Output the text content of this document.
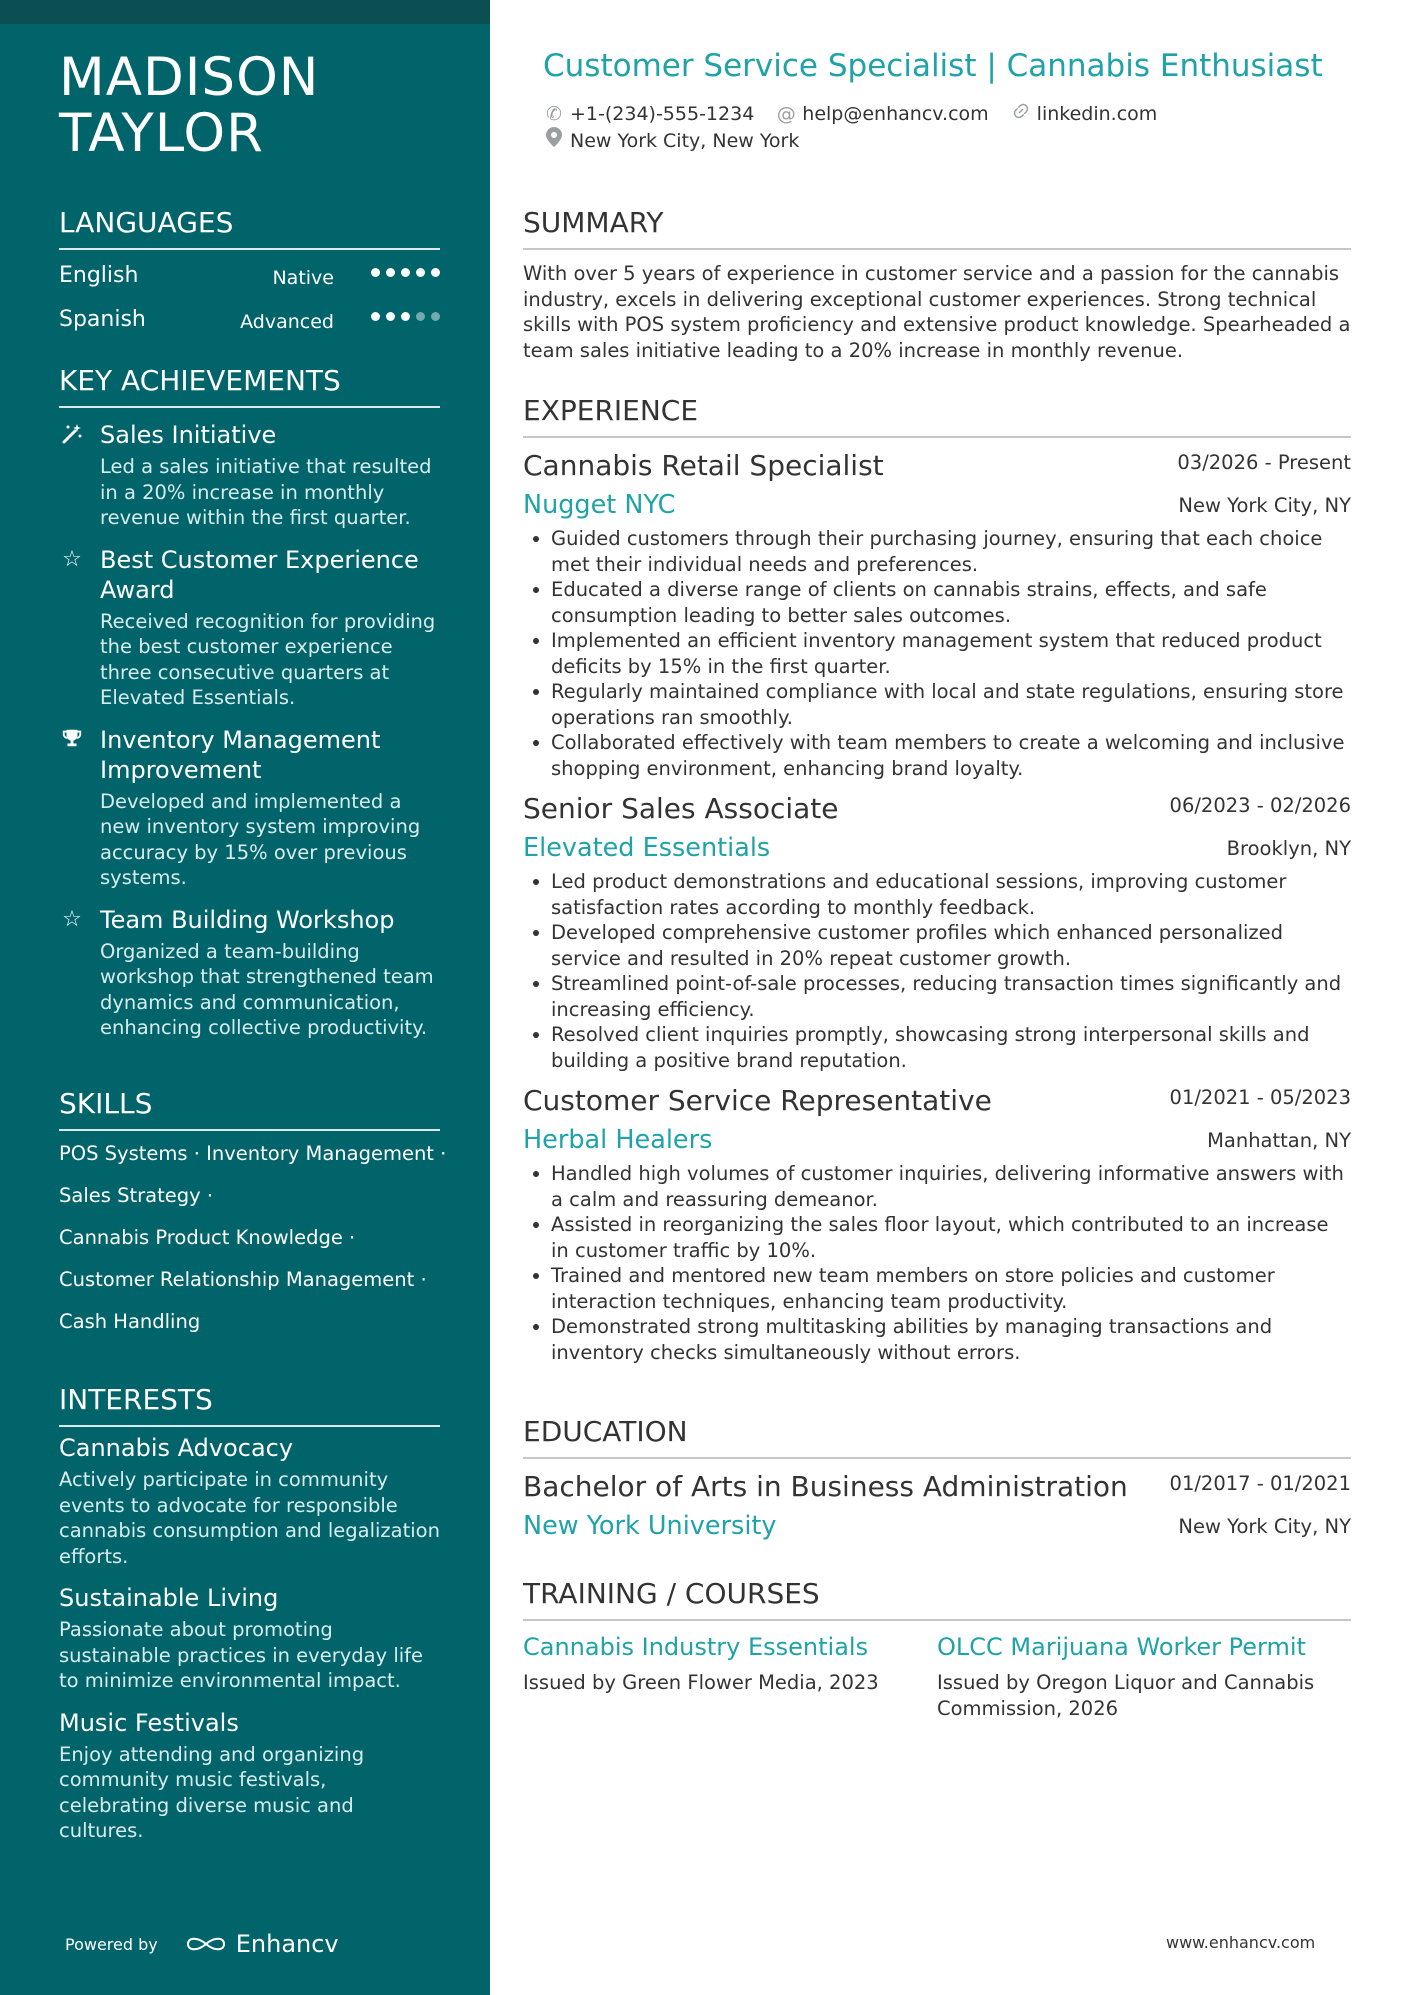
MADISON
TAYLOR
LANGUAGES
English	Native
Spanish	Advanced
KEY ACHIEVEMENTS
Sales Initiative
Led a sales initiative that resulted in a 20% increase in monthly revenue within the first quarter.
☆ Best Customer Experience Award
Received recognition for providing the best customer experience three consecutive quarters at Elevated Essentials.
Inventory Management Improvement
Developed and implemented a new inventory system improving accuracy by 15% over previous systems.
☆ Team Building Workshop
Organized a team-building workshop that strengthened team dynamics and communication, enhancing collective productivity.
SKILLS
POS Systems · Inventory Management ·
Sales Strategy ·
Cannabis Product Knowledge ·
Customer Relationship Management ·
Cash Handling
INTERESTS
Cannabis Advocacy
Actively participate in community events to advocate for responsible cannabis consumption and legalization efforts.
Sustainable Living
Passionate about promoting sustainable practices in everyday life to minimize environmental impact.
Music Festivals
Enjoy attending and organizing community music festivals, celebrating diverse music and cultures.
Powered by	Enhancv
Customer Service Specialist | Cannabis Enthusiast
✆ +1-(234)-555-1234 @ help@enhancv.com	linkedin.com
New York City, New York
SUMMARY
With over 5 years of experience in customer service and a passion for the cannabis industry, excels in delivering exceptional customer experiences. Strong technical skills with POS system proficiency and extensive product knowledge. Spearheaded a team sales initiative leading to a 20% increase in monthly revenue.
EXPERIENCE
Cannabis Retail Specialist	03/2026 - Present
Nugget NYC	New York City, NY
Guided customers through their purchasing journey, ensuring that each choice met their individual needs and preferences.
Educated a diverse range of clients on cannabis strains, effects, and safe consumption leading to better sales outcomes.
Implemented an efficient inventory management system that reduced product deficits by 15% in the first quarter.
Regularly maintained compliance with local and state regulations, ensuring store operations ran smoothly.
Collaborated effectively with team members to create a welcoming and inclusive shopping environment, enhancing brand loyalty.
Senior Sales Associate	06/2023 - 02/2026
Elevated Essentials	Brooklyn, NY
Led product demonstrations and educational sessions, improving customer satisfaction rates according to monthly feedback.
Developed comprehensive customer profiles which enhanced personalized service and resulted in 20% repeat customer growth.
Streamlined point-of-sale processes, reducing transaction times significantly and increasing efficiency.
Resolved client inquiries promptly, showcasing strong interpersonal skills and building a positive brand reputation.
Customer Service Representative	01/2021 - 05/2023
Herbal Healers	Manhattan, NY
Handled high volumes of customer inquiries, delivering informative answers with a calm and reassuring demeanor.
Assisted in reorganizing the sales floor layout, which contributed to an increase in customer traffic by 10%.
Trained and mentored new team members on store policies and customer interaction techniques, enhancing team productivity.
Demonstrated strong multitasking abilities by managing transactions and inventory checks simultaneously without errors.
EDUCATION
Bachelor of Arts in Business Administration 01/2017 - 01/2021
New York University	New York City, NY
TRAINING / COURSES
Cannabis Industry Essentials
Issued by Green Flower Media, 2023
OLCC Marijuana Worker Permit
Issued by Oregon Liquor and Cannabis Commission, 2026
www.enhancv.com
